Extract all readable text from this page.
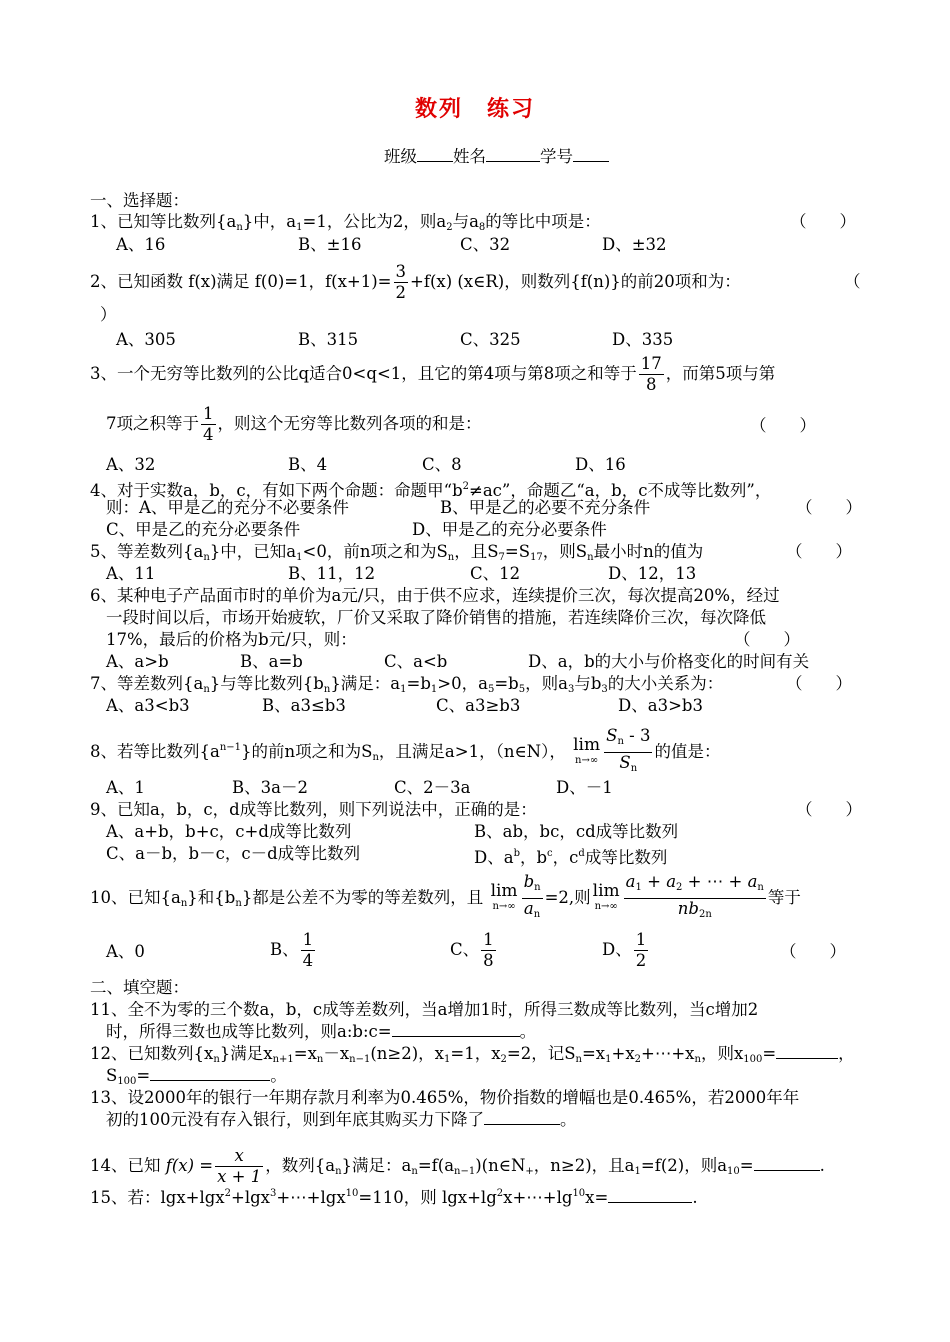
数列　练习
班级 姓名	学号
一、选择题：
1、已知等比数列$\{a_n\}$中，$a_1=1$，公比为2，则$a_2$与$a_8$的等比中项是：	（　　）
A、16	B、±16	C、32	D、±32
2、已知函数 f(x)满足 f(0)=1，$f(x+1)= \frac{3}{2} +f(x)$ (x∈R)，则数列{f(n)}的前20项和为：	（
）
A、305	B、315	C、325	D、335
3、一个无穷等比数列的公比q适合0<q<1，且它的第4项与第8项之和等于 $\frac{17}{8}$ ，而第5项与第
7项之积等于 $\frac{1}{4}$ ，则这个无穷等比数列各项的和是：	（　　）
A、32	B、4	C、8	D、16
4、对于实数a，b，c，有如下两个命题：命题甲“$b^2\ne ac$”，命题乙“a，b，c不成等比数列”，
则：A、甲是乙的充分不必要条件	B、甲是乙的必要不充分条件	（　　）
C、甲是乙的充分必要条件	D、甲是乙的充分必要条件
5、等差数列$\{a_n\}$中，已知$a_1<0$，前n项之和为$S_n$，且$S_7=S_{17}$，则$S_n$最小时n的值为	（　　）
A、11	B、11，12	C、12	D、12，13
6、某种电子产品面市时的单价为a元/只，由于供不应求，连续提价三次，每次提高20%，经过
一段时间以后，市场开始疲软，厂价又采取了降价销售的措施，若连续降价三次，每次降低
17%，最后的价格为b元/只，则：	（　　）
A、a>b	B、a=b	C、a<b	D、a，b的大小与价格变化的时间有关
7、等差数列$\{a_n\}$与等比数列$\{b_n\}$满足：$a_1=b_1>0$，$a_5=b_5$，则$a_3$与$b_3$的大小关系为：	（　　）
A、a3<b3	B、a3≤b3	C、a3≥b3	D、a3>b3
8、若等比数列$\{a^{n-1}\}$的前n项之和为$S_n$，且满足a>1，（n∈N）， lim
$n\to\infty \frac{S_n - 3}{S_n}$ 的值是：
A、1	B、3a－2	C、2－3a	D、－1
9、已知a，b，c，d成等比数列，则下列说法中，正确的是：	（　　）
A、a+b，b+c，c+d成等比数列	B、ab，bc，cd成等比数列
C、a－b，b－c，c－d成等比数列	D、$a^b$，$b^c$，$c^d$成等比数列
10、已知$\{a_n\}$和$\{b_n\}$都是公差不为零的等差数列，且 lim
$n\to\infty \frac{b_n}{a_n} =2$,则 lim
$n\to\infty \frac{a_1 + a_2 + \cdots + a_n}{nb_{2n}}$ 等于
A、0	B、 $\frac{1}{4}$	C、 $\frac{1}{8}$	D、 $\frac{1}{2}$	（　　）
二、填空题：
11、全不为零的三个数a，b，c成等差数列，当a增加1时，所得三数成等比数列，当c增加2
时，所得三数也成等比数列，则a:b:c=	。
12、已知数列$\{x_n\}$满足$x_{n+1}=x_n-x_{n-1}(n\ge 2)$，$x_1=1$，$x_2=2$，记$S_n=x_1+x_2+\cdots+x_n$，则$x_{100}=$	，
$S_{100}=$	。
13、设2000年的银行一年期存款月利率为0.465%，物价指数的增幅也是0.465%，若2000年年
初的100元没有存入银行，则到年底其购买力下降了	。
14、已知 $f(x) = \frac{x}{x + 1}$ ，数列$\{a_n\}$满足：$a_n=f(a_{n-1})(n\in N_+$，n≥2)，且$a_1=f(2)$，则$a_{10}=$	.
15、若：lgx+lgx$^2$+lgx$^3$+⋯+lgx$^{10}$=110，则 $\lg x+\lg^2x+\cdots+\lg^{10}x=$	.
